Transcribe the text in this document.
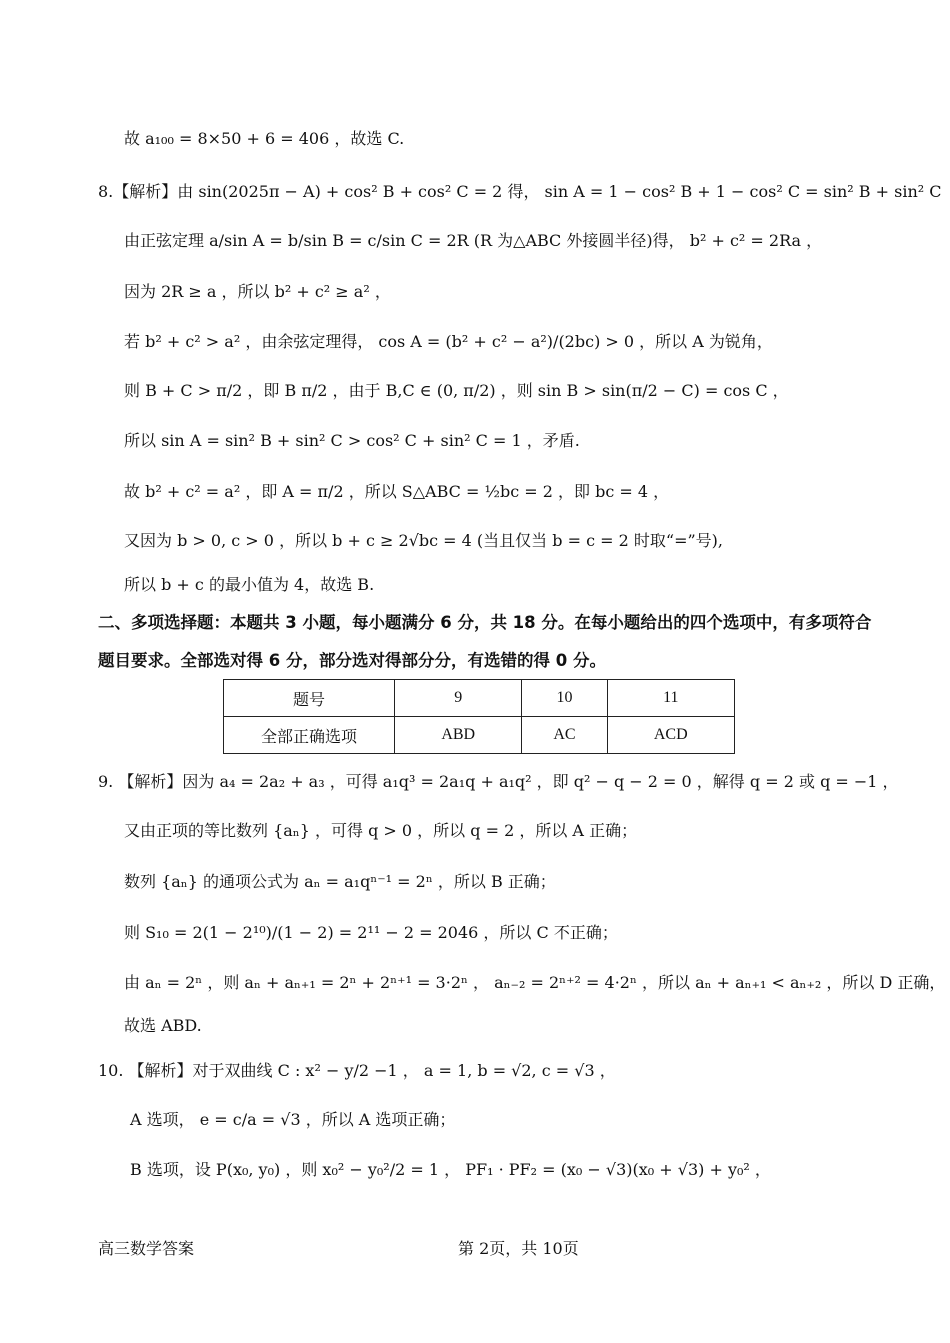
故 a₁₀₀ = 8×50 + 6 = 406 ，故选 C.
8.【解析】由 sin(2025π − A) + cos² B + cos² C = 2 得， sin A = 1 − cos² B + 1 − cos² C = sin² B + sin² C
由正弦定理 a/sin A = b/sin B = c/sin C = 2R (R 为△ABC 外接圆半径)得， b² + c² = 2Ra ，
因为 2R ≥ a ，所以 b² + c² ≥ a² ，
若 b² + c² > a² ，由余弦定理得， cos A = (b² + c² − a²)/(2bc) > 0 ，所以 A 为锐角，
则 B + C > π/2 ，即 B π/2 ，由于 B,C ∈ (0, π/2) ，则 sin B > sin(π/2 − C) = cos C ，
所以 sin A = sin² B + sin² C > cos² C + sin² C = 1 ，矛盾.
故 b² + c² = a² ，即 A = π/2 ，所以 S△ABC = ½bc = 2 ，即 bc = 4 ，
又因为 b > 0, c > 0 ，所以 b + c ≥ 2√bc = 4 (当且仅当 b = c = 2 时取“=”号),
所以 b + c 的最小值为 4，故选 B.
二、多项选择题：本题共 3 小题，每小题满分 6 分，共 18 分。在每小题给出的四个选项中，有多项符合
题目要求。全部选对得 6 分，部分选对得部分分，有选错的得 0 分。
题号	9	10	11
全部正确选项	ABD	AC	ACD
9. 【解析】因为 a₄ = 2a₂ + a₃ ，可得 a₁q³ = 2a₁q + a₁q² ，即 q² − q − 2 = 0 ，解得 q = 2 或 q = −1 ，
又由正项的等比数列 {aₙ} ，可得 q > 0 ，所以 q = 2 ，所以 A 正确；
数列 {aₙ} 的通项公式为 aₙ = a₁qⁿ⁻¹ = 2ⁿ ，所以 B 正确；
则 S₁₀ = 2(1 − 2¹⁰)/(1 − 2) = 2¹¹ − 2 = 2046 ，所以 C 不正确；
由 aₙ = 2ⁿ ，则 aₙ + aₙ₊₁ = 2ⁿ + 2ⁿ⁺¹ = 3·2ⁿ ， aₙ₋₂ = 2ⁿ⁺² = 4·2ⁿ ，所以 aₙ + aₙ₊₁ < aₙ₊₂ ，所以 D 正确，
故选 ABD.
10. 【解析】对于双曲线 C : x² − y/2 −1 ， a = 1, b = √2, c = √3 ，
A 选项， e = c/a = √3 ，所以 A 选项正确；
B 选项，设 P(x₀, y₀) ，则 x₀² − y₀²/2 = 1 ， PF₁ · PF₂ = (x₀ − √3)(x₀ + √3) + y₀² ，
高三数学答案	第 2页，共 10页
